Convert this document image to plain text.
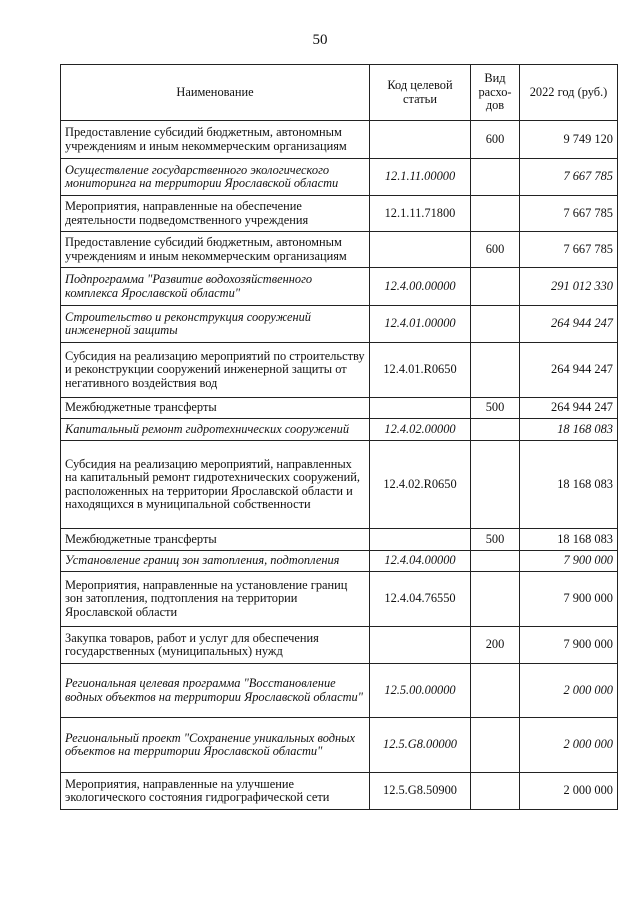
50
Наименование	Код целевой статьи	Вид расхо-дов	2022 год (руб.)
Предоставление субсидий бюджетным, автономным учреждениям и иным некоммерческим организациям		600	9 749 120
Осуществление государственного экологического мониторинга на территории Ярославской области	12.1.11.00000		7 667 785
Мероприятия, направленные на обеспечение деятельности подведомственного учреждения	12.1.11.71800		7 667 785
Предоставление субсидий бюджетным, автономным учреждениям и иным некоммерческим организациям		600	7 667 785
Подпрограмма "Развитие водохозяйственного комплекса Ярославской области"	12.4.00.00000		291 012 330
Строительство и реконструкция сооружений инженерной защиты	12.4.01.00000		264 944 247
Субсидия на реализацию мероприятий по строительству и реконструкции сооружений инженерной защиты от негативного воздействия вод	12.4.01.R0650		264 944 247
Межбюджетные трансферты		500	264 944 247
Капитальный ремонт гидротехнических сооружений	12.4.02.00000		18 168 083
Субсидия на реализацию мероприятий, направленных на капитальный ремонт гидротехнических сооружений, расположенных на территории Ярославской области и находящихся в муниципальной собственности	12.4.02.R0650		18 168 083
Межбюджетные трансферты		500	18 168 083
Установление границ зон затопления, подтопления	12.4.04.00000		7 900 000
Мероприятия, направленные на установление границ зон затопления, подтопления на территории Ярославской области	12.4.04.76550		7 900 000
Закупка товаров, работ и услуг для обеспечения государственных (муниципальных) нужд		200	7 900 000
Региональная целевая программа "Восстановление водных объектов на территории Ярославской области"	12.5.00.00000		2 000 000
Региональный проект "Сохранение уникальных водных объектов на территории Ярославской области"	12.5.G8.00000		2 000 000
Мероприятия, направленные на улучшение экологического состояния гидрографической сети	12.5.G8.50900		2 000 000
